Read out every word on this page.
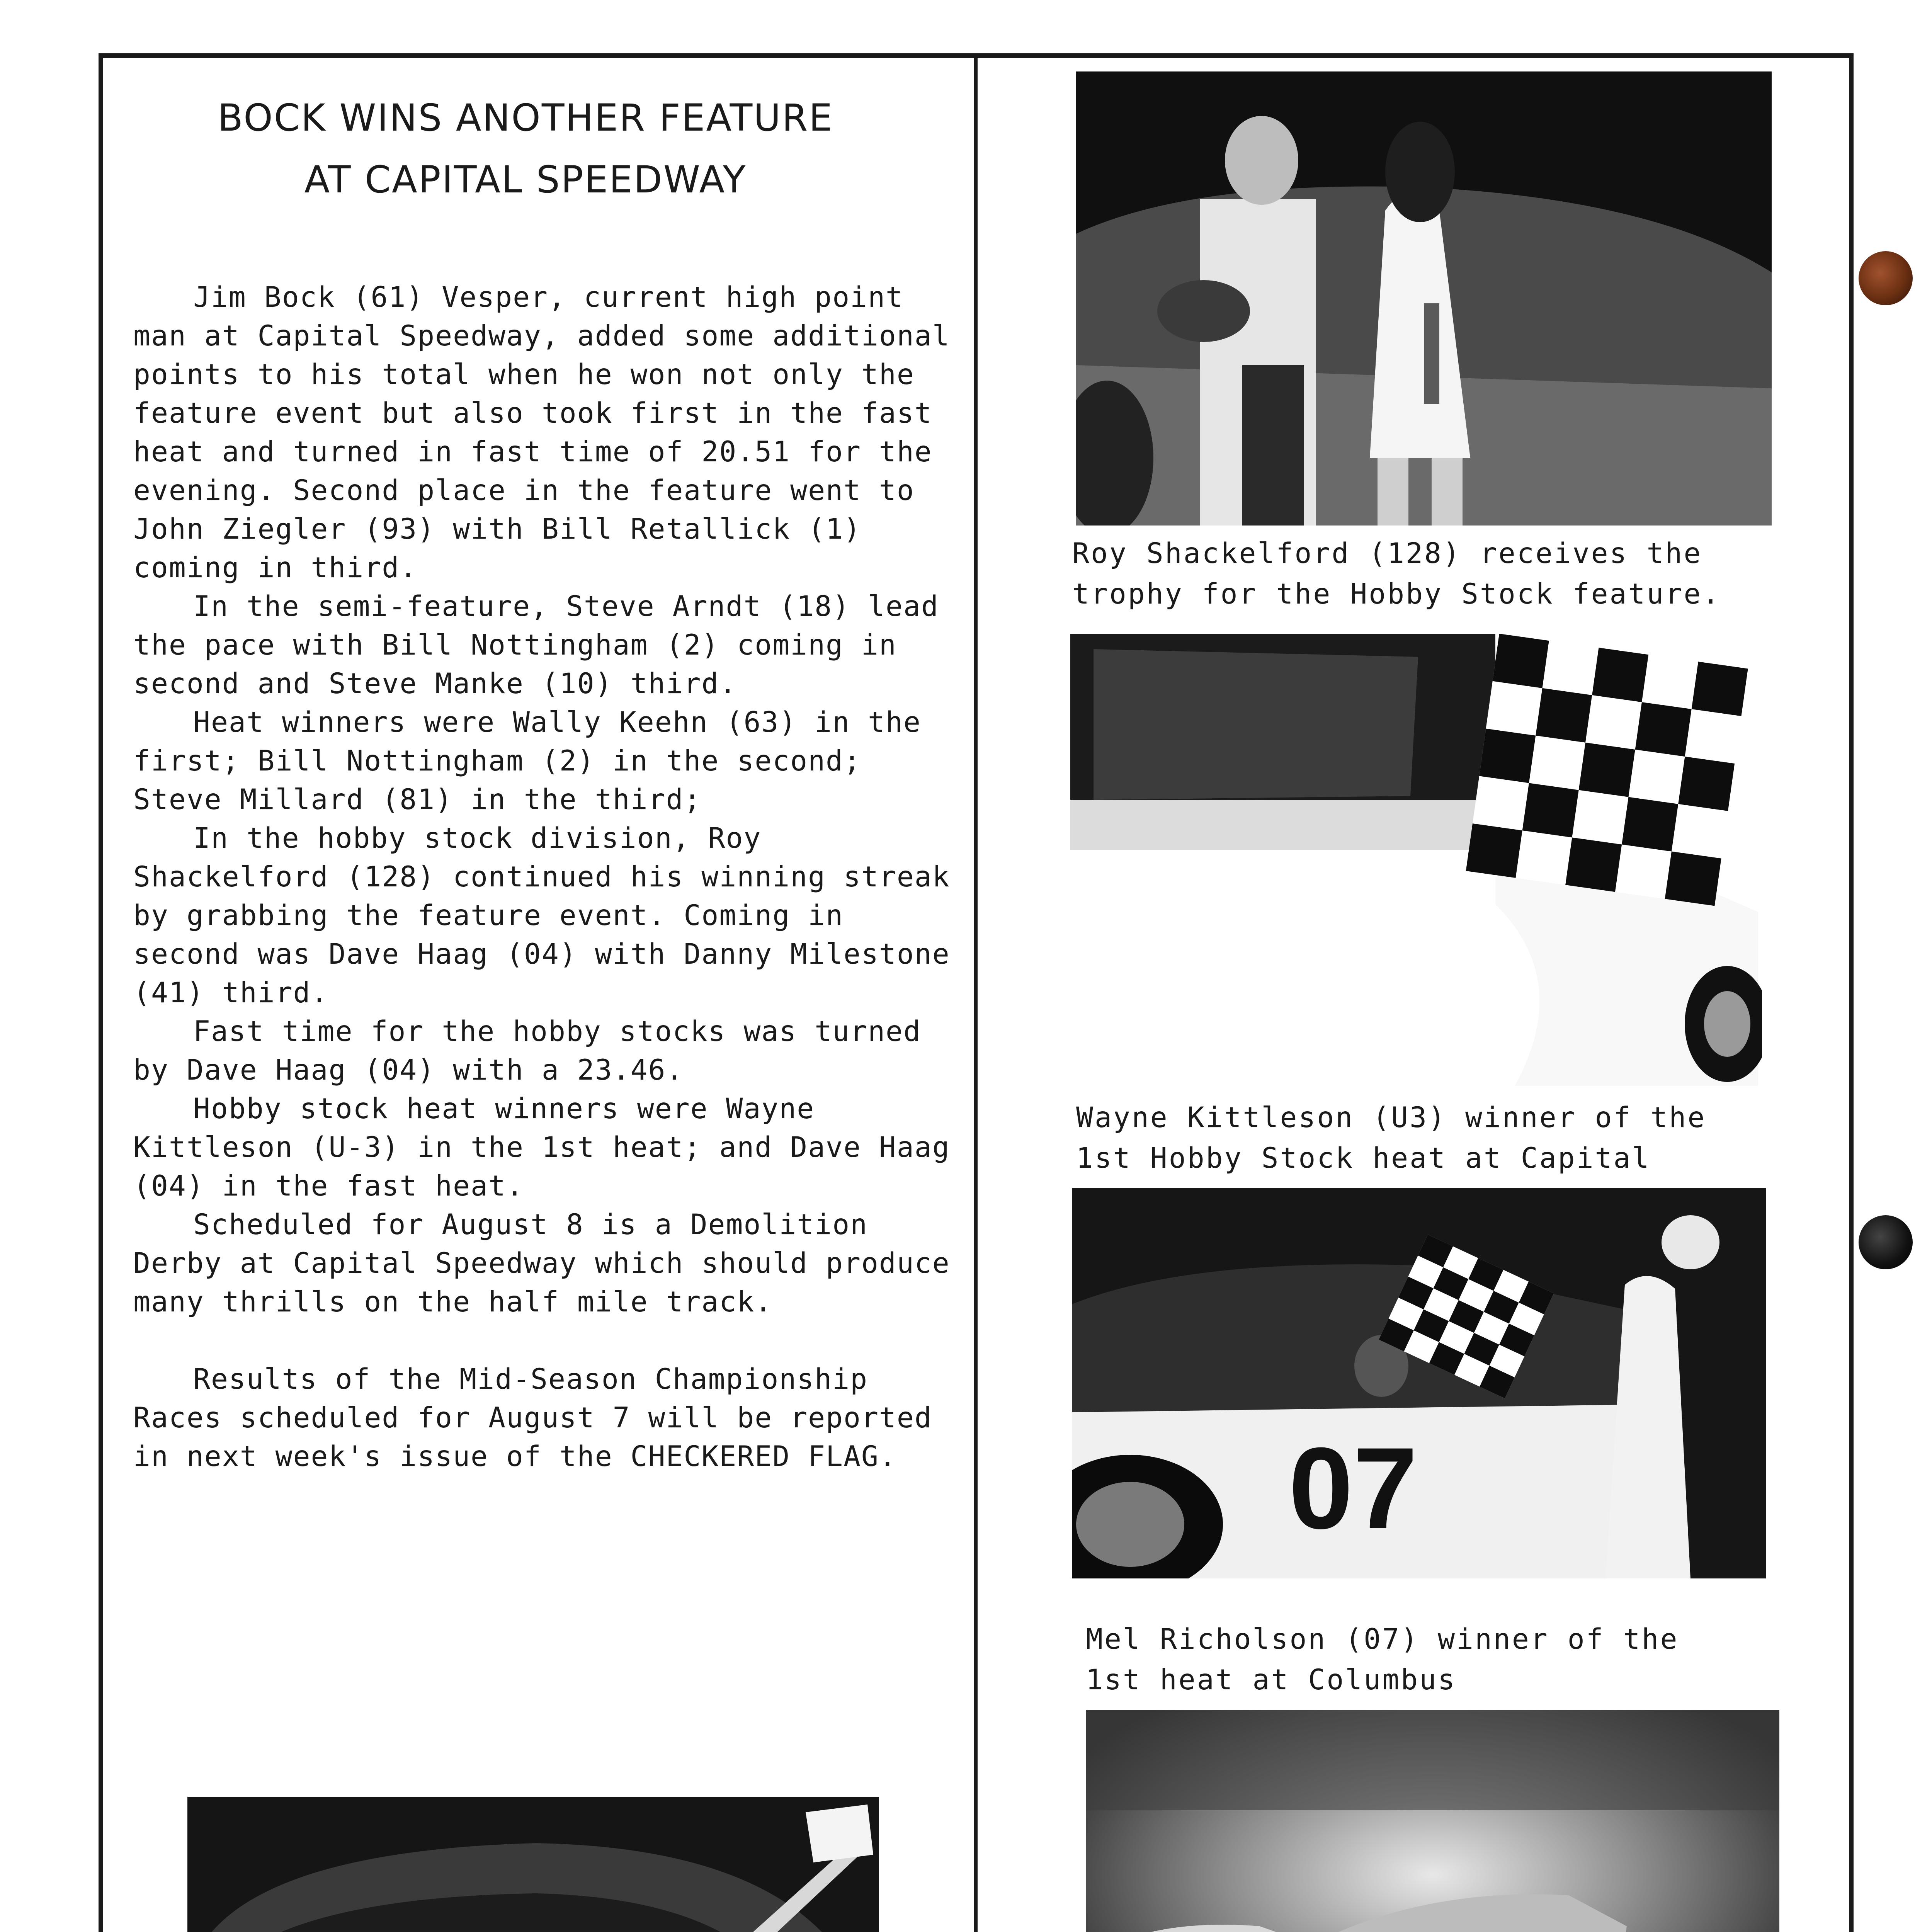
BOCK WINS ANOTHER FEATURE
AT CAPITAL SPEEDWAY

Jim Bock (61) Vesper, current high point man at Capital Speedway, added some additional points to his total when he won not only the feature event but also took first in the fast heat and turned in fast time of 20.51 for the evening. Second place in the feature went to John Ziegler (93) with Bill Retallick (1) coming in third.

In the semi-feature, Steve Arndt (18) lead the pace with Bill Nottingham (2) coming in second and Steve Manke (10) third.

Heat winners were Wally Keehn (63) in the first; Bill Nottingham (2) in the second; Steve Millard (81) in the third;

In the hobby stock division, Roy Shackelford (128) continued his winning streak by grabbing the feature event. Coming in second was Dave Haag (04) with Danny Milestone (41) third.

Fast time for the hobby stocks was turned by Dave Haag (04) with a 23.46.

Hobby stock heat winners were Wayne Kittleson (U-3) in the 1st heat; and Dave Haag (04) in the fast heat.

Scheduled for August 8 is a Demolition Derby at Capital Speedway which should produce many thrills on the half mile track.

Results of the Mid-Season Championship Races scheduled for August 7 will be reported in next week's issue of the CHECKERED FLAG.

Roy Shackelford (128) receives the
trophy for the Hobby Stock feature.
Wayne Kittleson (U3) winner of the
1st Hobby Stock heat at Capital
07
Mel Richolson (07) winner of the
1st heat at Columbus
